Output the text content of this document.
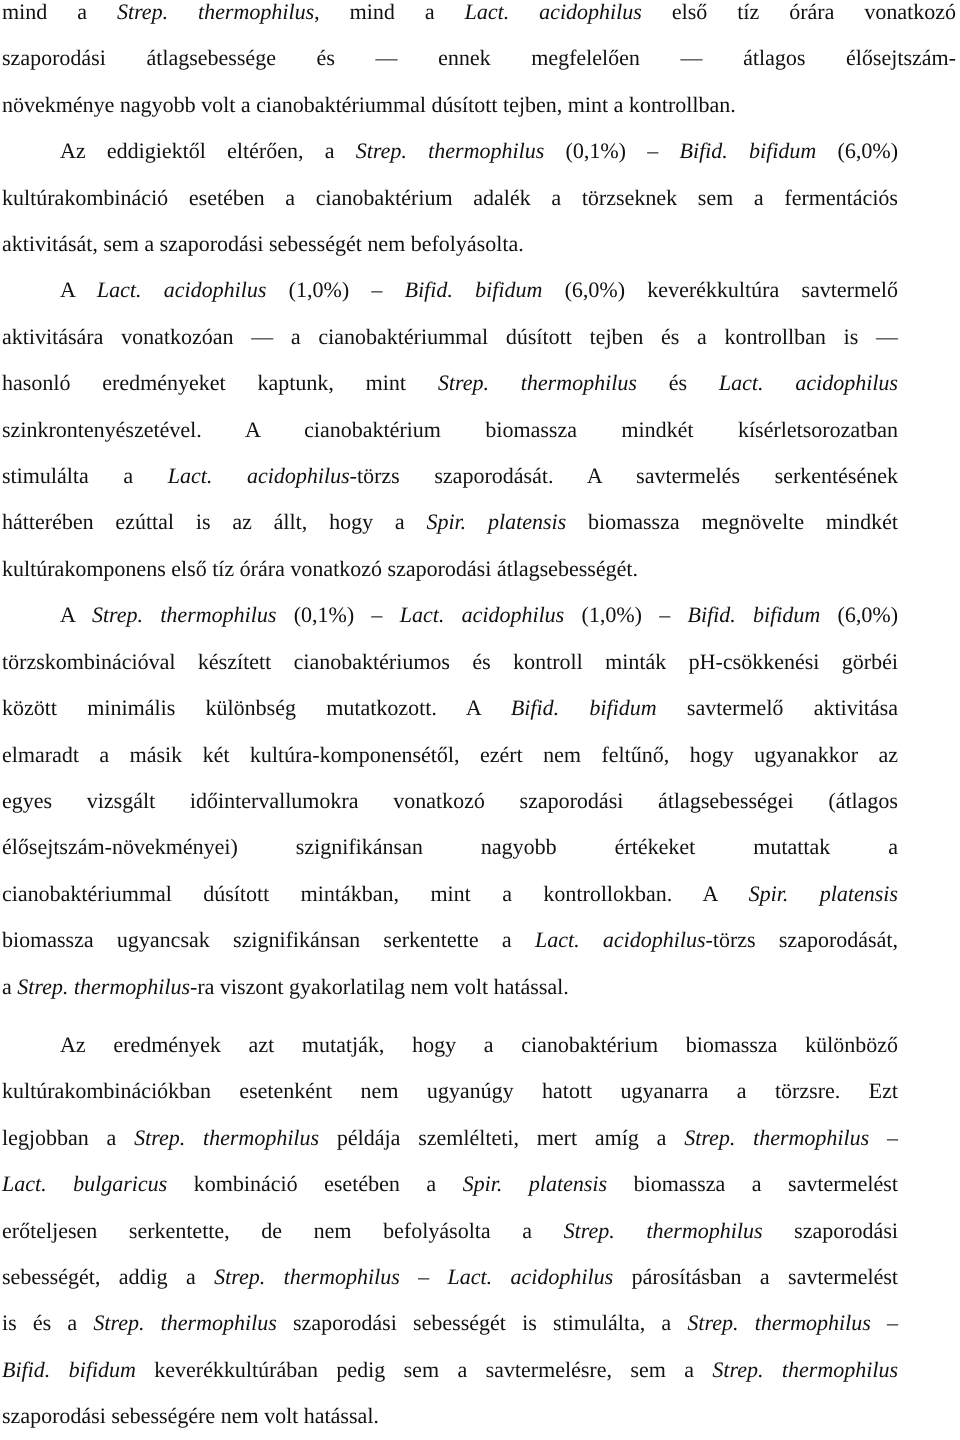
mind a Strep. thermophilus, mind a Lact. acidophilus első tíz órára vonatkozó
szaporodási átlagsebessége és — ennek megfelelően — átlagos élősejtszám-
növekménye nagyobb volt a cianobaktériummal dúsított tejben, mint a kontrollban.

Az eddigiektől eltérően, a Strep. thermophilus (0,1%) – Bifid. bifidum (6,0%)
kultúrakombináció esetében a cianobaktérium adalék a törzseknek sem a fermentációs
aktivitását, sem a szaporodási sebességét nem befolyásolta.

A Lact. acidophilus (1,0%) – Bifid. bifidum (6,0%) keverékkultúra savtermelő
aktivitására vonatkozóan — a cianobaktériummal dúsított tejben és a kontrollban is —
hasonló eredményeket kaptunk, mint Strep. thermophilus és Lact. acidophilus
szinkrontenyészetével. A cianobaktérium biomassza mindkét kísérletsorozatban
stimulálta a Lact. acidophilus-törzs szaporodását. A savtermelés serkentésének
hátterében ezúttal is az állt, hogy a Spir. platensis biomassza megnövelte mindkét
kultúrakomponens első tíz órára vonatkozó szaporodási átlagsebességét.

A Strep. thermophilus (0,1%) – Lact. acidophilus (1,0%) – Bifid. bifidum (6,0%)
törzskombinációval készített cianobaktériumos és kontroll minták pH-csökkenési görbéi
között minimális különbség mutatkozott. A Bifid. bifidum savtermelő aktivitása
elmaradt a másik két kultúra-komponensétől, ezért nem feltűnő, hogy ugyanakkor az
egyes vizsgált időintervallumokra vonatkozó szaporodási átlagsebességei (átlagos
élősejtszám-növekményei) szignifikánsan nagyobb értékeket mutattak a
cianobaktériummal dúsított mintákban, mint a kontrollokban. A Spir. platensis
biomassza ugyancsak szignifikánsan serkentette a Lact. acidophilus-törzs szaporodását,
a Strep. thermophilus-ra viszont gyakorlatilag nem volt hatással.

Az eredmények azt mutatják, hogy a cianobaktérium biomassza különböző
kultúrakombinációkban esetenként nem ugyanúgy hatott ugyanarra a törzsre. Ezt
legjobban a Strep. thermophilus példája szemlélteti, mert amíg a Strep. thermophilus –
Lact. bulgaricus kombináció esetében a Spir. platensis biomassza a savtermelést
erőteljesen serkentette, de nem befolyásolta a Strep. thermophilus szaporodási
sebességét, addig a Strep. thermophilus – Lact. acidophilus párosításban a savtermelést
is és a Strep. thermophilus szaporodási sebességét is stimulálta, a Strep. thermophilus –
Bifid. bifidum keverékkultúrában pedig sem a savtermelésre, sem a Strep. thermophilus
szaporodási sebességére nem volt hatással.
